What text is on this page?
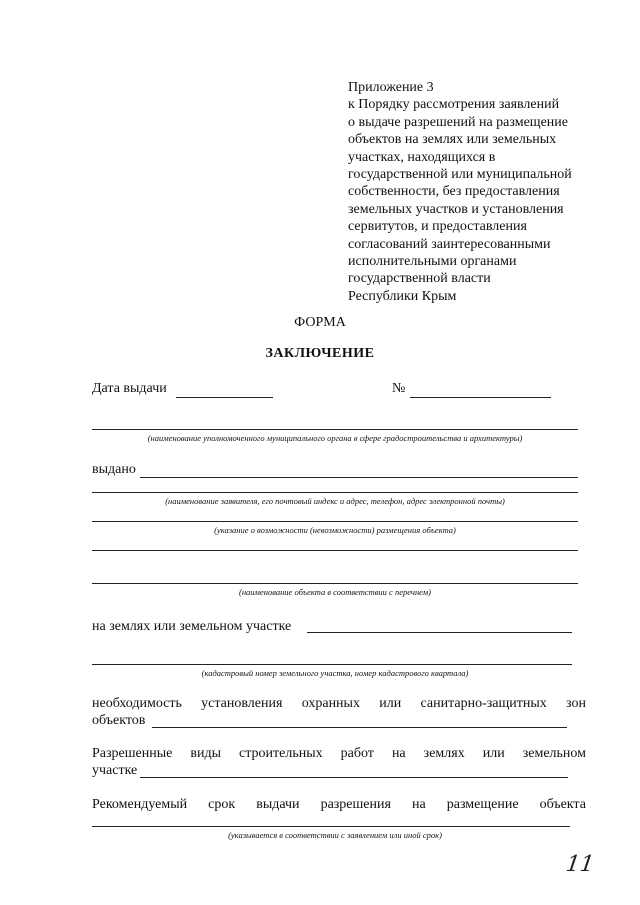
Приложение 3
к Порядку рассмотрения заявлений
о выдаче разрешений на размещение
объектов на землях или земельных
участках, находящихся в
государственной или муниципальной
собственности, без предоставления
земельных участков и установления
сервитутов, и предоставления
согласований заинтересованными
исполнительными органами
государственной власти
Республики Крым
ФОРМА
ЗАКЛЮЧЕНИЕ
Дата выдачи	№
(наименование уполномоченного муниципального органа в сфере градостроительства и архитектуры)
выдано
(наименование заявителя, его почтовый индекс и адрес, телефон, адрес электронной почты)
(указание о возможности (невозможности) размещения объекта)
(наименование объекта в соответствии с перечнем)
на землях или земельном участке
(кадастровый номер земельного участка, номер кадастрового квартала)
необходимость установления охранных или санитарно-защитных зон
объектов
Разрешенные виды строительных работ на землях или земельном
участке
Рекомендуемый срок выдачи разрешения на размещение объекта
(указывается в соответствии с заявлением или иной срок)
11
